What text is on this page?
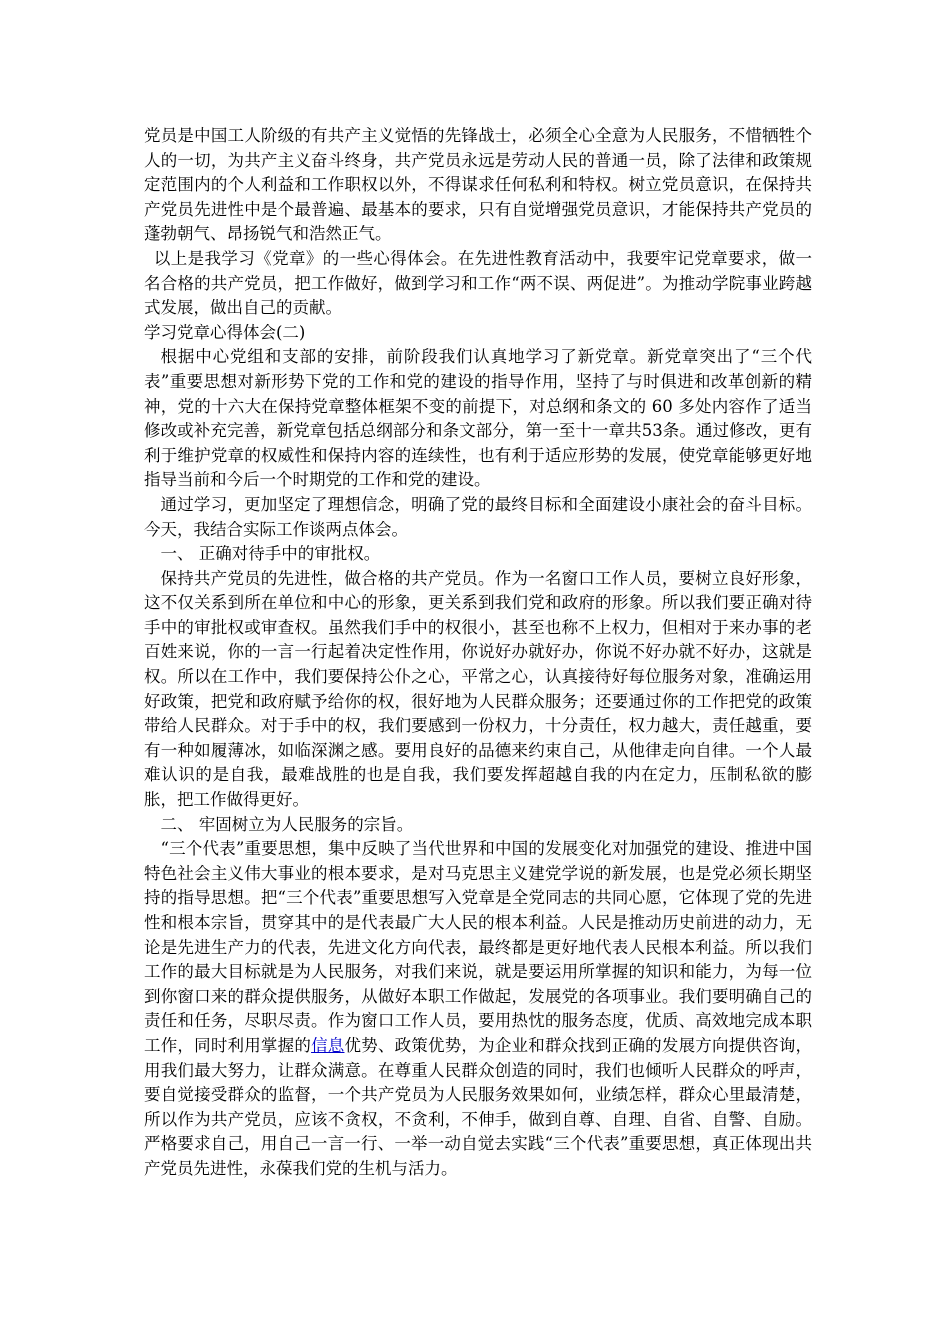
党员是中国工人阶级的有共产主义觉悟的先锋战士，必须全心全意为人民服务，不惜牺牲个人的一切，为共产主义奋斗终身，共产党员永远是劳动人民的普通一员，除了法律和政策规定范围内的个人利益和工作职权以外，不得谋求任何私利和特权。树立党员意识，在保持共产党员先进性中是个最普遍、最基本的要求，只有自觉增强党员意识，才能保持共产党员的蓬勃朝气、昂扬锐气和浩然正气。

以上是我学习《党章》的一些心得体会。在先进性教育活动中，我要牢记党章要求，做一名合格的共产党员，把工作做好，做到学习和工作“两不误、两促进”。为推动学院事业跨越式发展，做出自己的贡献。

学习党章心得体会(二)

根据中心党组和支部的安排，前阶段我们认真地学习了新党章。新党章突出了“三个代表”重要思想对新形势下党的工作和党的建设的指导作用，坚持了与时俱进和改革创新的精神，党的十六大在保持党章整体框架不变的前提下，对总纲和条文的 60 多处内容作了适当修改或补充完善，新党章包括总纲部分和条文部分，第一至十一章共53条。通过修改，更有利于维护党章的权威性和保持内容的连续性，也有利于适应形势的发展，使党章能够更好地指导当前和今后一个时期党的工作和党的建设。

通过学习，更加坚定了理想信念，明确了党的最终目标和全面建设小康社会的奋斗目标。今天，我结合实际工作谈两点体会。

一、 正确对待手中的审批权。

保持共产党员的先进性，做合格的共产党员。作为一名窗口工作人员，要树立良好形象，这不仅关系到所在单位和中心的形象，更关系到我们党和政府的形象。所以我们要正确对待手中的审批权或审查权。虽然我们手中的权很小，甚至也称不上权力，但相对于来办事的老百姓来说，你的一言一行起着决定性作用，你说好办就好办，你说不好办就不好办，这就是权。所以在工作中，我们要保持公仆之心，平常之心，认真接待好每位服务对象，准确运用好政策，把党和政府赋予给你的权，很好地为人民群众服务；还要通过你的工作把党的政策带给人民群众。对于手中的权，我们要感到一份权力，十分责任，权力越大，责任越重，要有一种如履薄冰，如临深渊之感。要用良好的品德来约束自己，从他律走向自律。一个人最难认识的是自我，最难战胜的也是自我，我们要发挥超越自我的内在定力，压制私欲的膨胀，把工作做得更好。

二、 牢固树立为人民服务的宗旨。

“三个代表”重要思想，集中反映了当代世界和中国的发展变化对加强党的建设、推进中国特色社会主义伟大事业的根本要求，是对马克思主义建党学说的新发展，也是党必须长期坚持的指导思想。把“三个代表”重要思想写入党章是全党同志的共同心愿，它体现了党的先进性和根本宗旨，贯穿其中的是代表最广大人民的根本利益。人民是推动历史前进的动力，无论是先进生产力的代表，先进文化方向代表，最终都是更好地代表人民根本利益。所以我们工作的最大目标就是为人民服务，对我们来说，就是要运用所掌握的知识和能力，为每一位到你窗口来的群众提供服务，从做好本职工作做起，发展党的各项事业。我们要明确自己的责任和任务，尽职尽责。作为窗口工作人员，要用热忱的服务态度，优质、高效地完成本职工作，同时利用掌握的信息优势、政策优势，为企业和群众找到正确的发展方向提供咨询，用我们最大努力，让群众满意。在尊重人民群众创造的同时，我们也倾听人民群众的呼声，要自觉接受群众的监督，一个共产党员为人民服务效果如何，业绩怎样，群众心里最清楚，所以作为共产党员，应该不贪权，不贪利，不伸手，做到自尊、自理、自省、自警、自励。严格要求自己，用自己一言一行、一举一动自觉去实践“三个代表”重要思想，真正体现出共产党员先进性，永葆我们党的生机与活力。
